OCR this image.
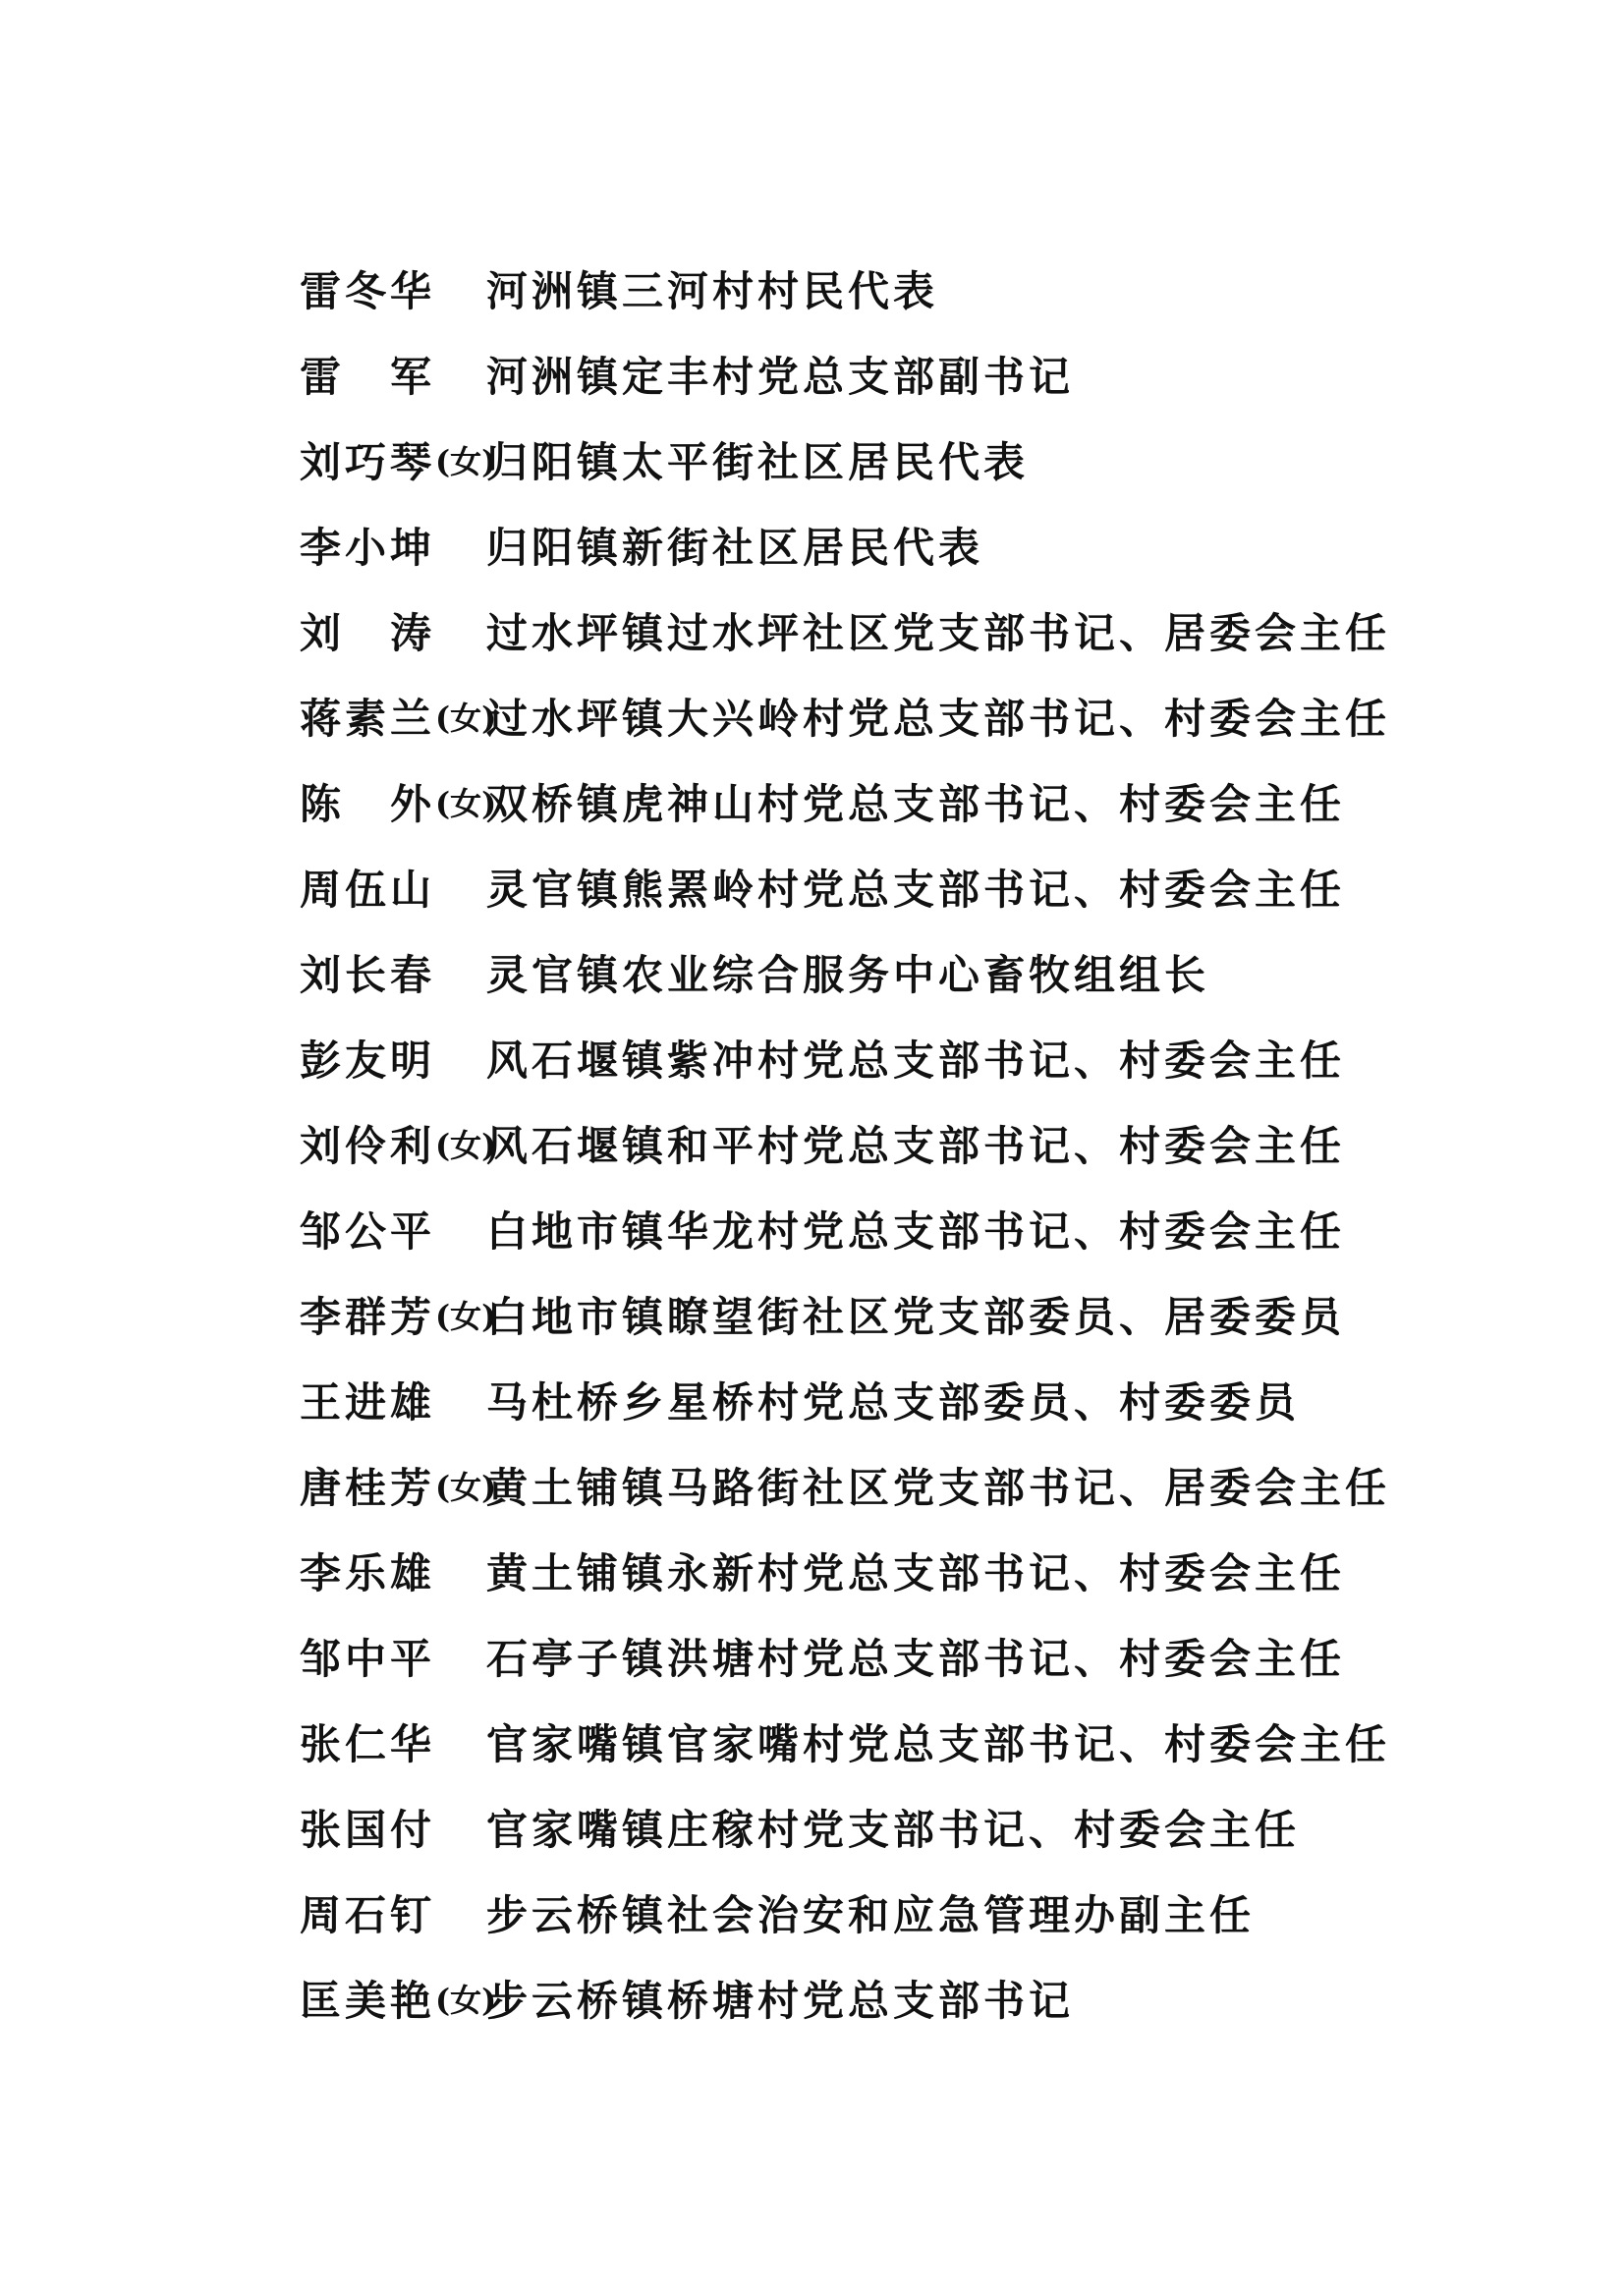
雷冬华 河洲镇三河村村民代表
雷军 河洲镇定丰村党总支部副书记
刘巧琴 (女)
归阳镇太平街社区居民代表
李小坤 归阳镇新街社区居民代表
刘涛 过水坪镇过水坪社区党支部书记、居委会主任
蒋素兰 (女)
过水坪镇大兴岭村党总支部书记、村委会主任
陈外 (女)
双桥镇虎神山村党总支部书记、村委会主任
周伍山 灵官镇熊罴岭村党总支部书记、村委会主任
刘长春 灵官镇农业综合服务中心畜牧组组长
彭友明 风石堰镇紫冲村党总支部书记、村委会主任
刘伶利 (女)
风石堰镇和平村党总支部书记、村委会主任
邹公平 白地市镇华龙村党总支部书记、村委会主任
李群芳 (女)
白地市镇瞭望街社区党支部委员、居委委员
王进雄 马杜桥乡星桥村党总支部委员、村委委员
唐桂芳 (女)
黄土铺镇马路街社区党支部书记、居委会主任
李乐雄 黄土铺镇永新村党总支部书记、村委会主任
邹中平 石亭子镇洪塘村党总支部书记、村委会主任
张仁华 官家嘴镇官家嘴村党总支部书记、村委会主任
张国付 官家嘴镇庄稼村党支部书记、村委会主任
周石钉 步云桥镇社会治安和应急管理办副主任
匡美艳 (女)
步云桥镇桥塘村党总支部书记
